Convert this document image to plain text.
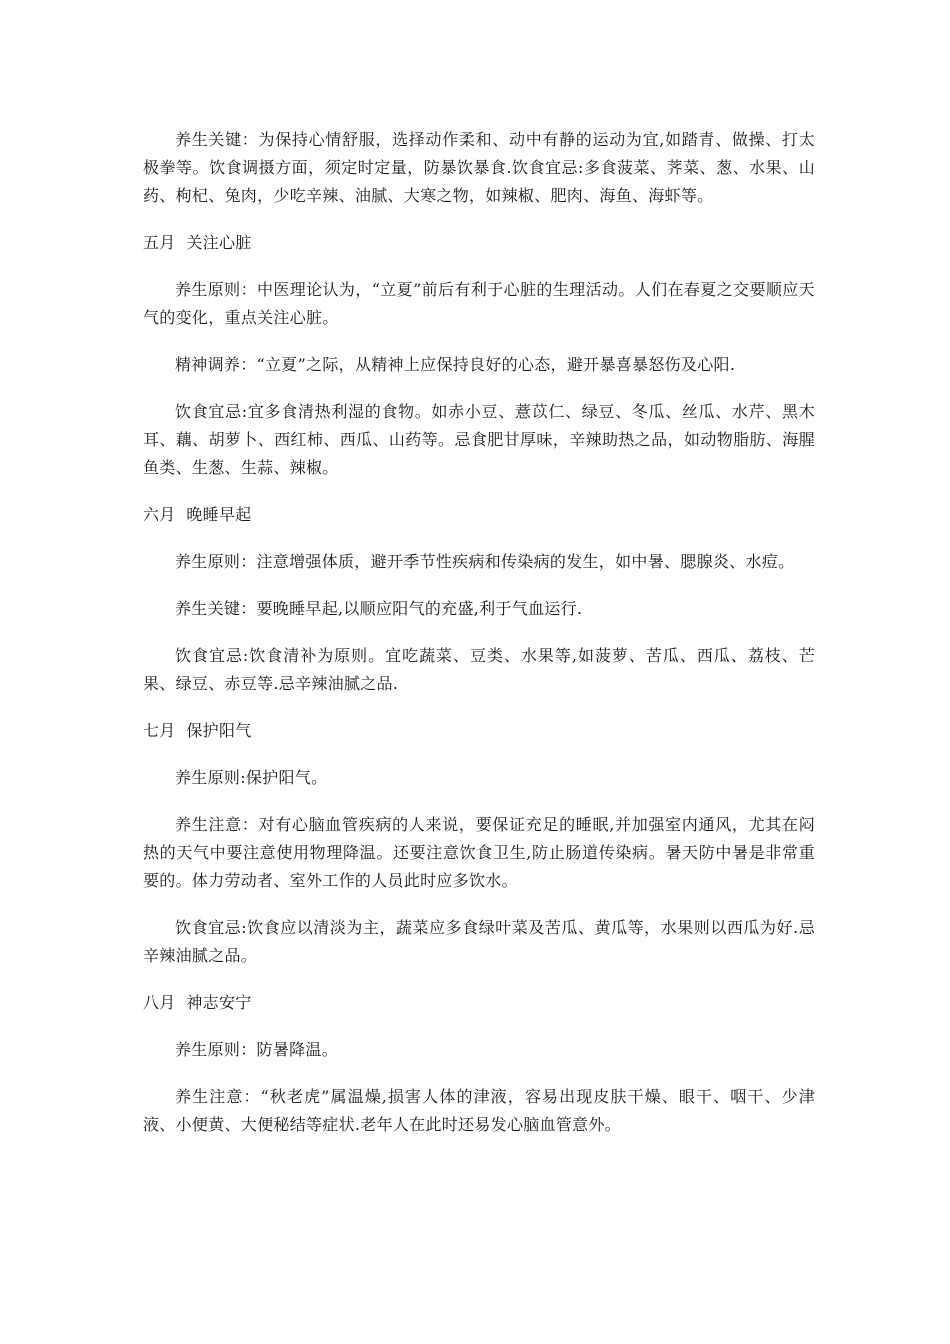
养生关键：为保持心情舒服，选择动作柔和、动中有静的运动为宜,如踏青、做操、打太极拳等。饮食调摄方面，须定时定量，防暴饮暴食.饮食宜忌:多食菠菜、荠菜、葱、水果、山药、枸杞、兔肉，少吃辛辣、油腻、大寒之物，如辣椒、肥肉、海鱼、海虾等。

五月  关注心脏

养生原则：中医理论认为，“立夏”前后有利于心脏的生理活动。人们在春夏之交要顺应天气的变化，重点关注心脏。

精神调养：“立夏”之际，从精神上应保持良好的心态，避开暴喜暴怒伤及心阳.

饮食宜忌:宜多食清热利湿的食物。如赤小豆、薏苡仁、绿豆、冬瓜、丝瓜、水芹、黑木耳、藕、胡萝卜、西红柿、西瓜、山药等。忌食肥甘厚味，辛辣助热之品，如动物脂肪、海腥鱼类、生葱、生蒜、辣椒。

六月  晚睡早起

养生原则：注意增强体质，避开季节性疾病和传染病的发生，如中暑、腮腺炎、水痘。

养生关键：要晚睡早起,以顺应阳气的充盛,利于气血运行.

饮食宜忌:饮食清补为原则。宜吃蔬菜、豆类、水果等,如菠萝、苦瓜、西瓜、荔枝、芒果、绿豆、赤豆等.忌辛辣油腻之品.

七月  保护阳气

养生原则:保护阳气。

养生注意：对有心脑血管疾病的人来说，要保证充足的睡眠,并加强室内通风，尤其在闷热的天气中要注意使用物理降温。还要注意饮食卫生,防止肠道传染病。暑天防中暑是非常重要的。体力劳动者、室外工作的人员此时应多饮水。

饮食宜忌:饮食应以清淡为主，蔬菜应多食绿叶菜及苦瓜、黄瓜等，水果则以西瓜为好.忌辛辣油腻之品。

八月  神志安宁

养生原则：防暑降温。

养生注意：“秋老虎”属温燥,损害人体的津液，容易出现皮肤干燥、眼干、咽干、少津液、小便黄、大便秘结等症状.老年人在此时还易发心脑血管意外。
